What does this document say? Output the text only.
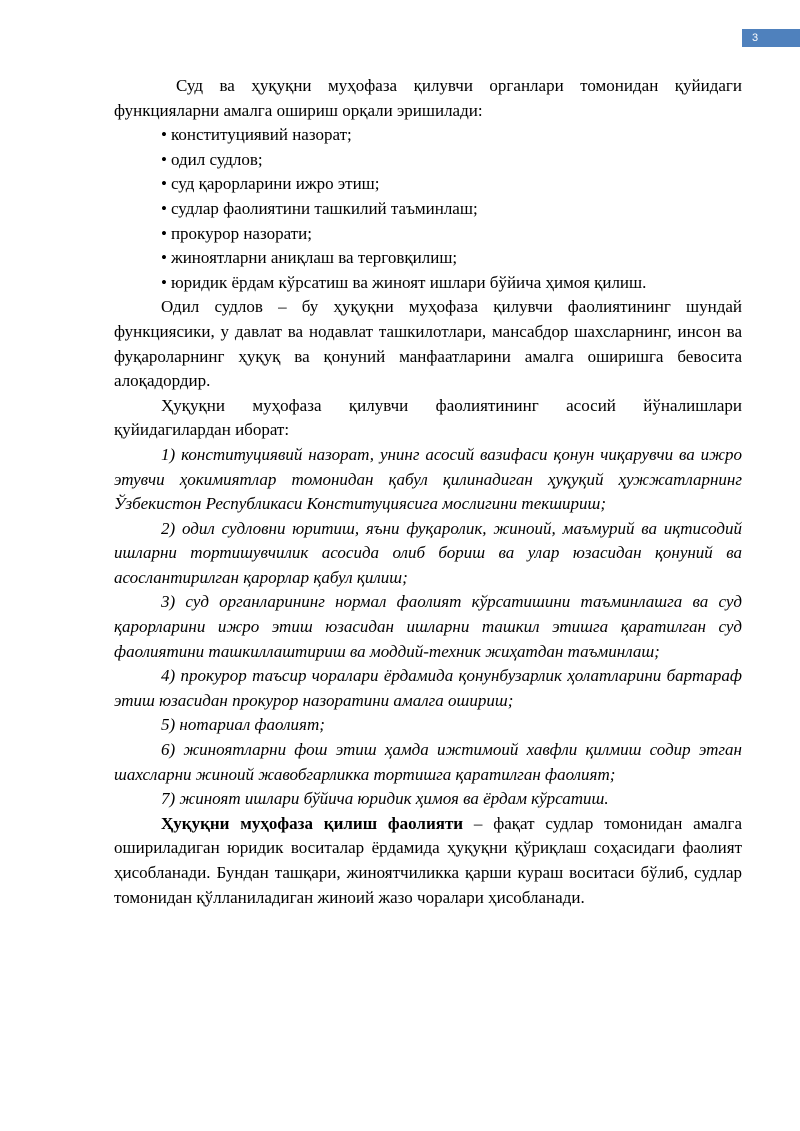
3

Суд ва ҳуқуқни муҳофаза қилувчи органлари томонидан қуйидаги функцияларни амалга ошириш орқали эришилади:

• конституциявий назорат;
• одил судлов;
• суд қарорларини ижро этиш;
• судлар фаолиятини ташкилий таъминлаш;
• прокурор назорати;
• жиноятларни аниқлаш ва терговқилиш;
• юридик ёрдам кўрсатиш ва жиноят ишлари бўйича ҳимоя қилиш.

Одил судлов – бу ҳуқуқни муҳофаза қилувчи фаолиятининг шундай функциясики, у давлат ва нодавлат ташкилотлари, мансабдор шахсларнинг, инсон ва фуқароларнинг ҳуқуқ ва қонуний манфаатларини амалга оширишга бевосита алоқадордир.

Ҳуқуқни муҳофаза қилувчи фаолиятининг асосий йўналишлари қуйидагилардан иборат:

1) конституциявий назорат, унинг асосий вазифаси қонун чиқарувчи ва ижро этувчи ҳокимиятлар томонидан қабул қилинадиган ҳуқуқий ҳужжатларнинг Ўзбекистон Республикаси Конституциясига мослигини текшириш;

2) одил судловни юритиш, яъни фуқаролик, жиноий, маъмурий ва иқтисодий ишларни тортишувчилик асосида олиб бориш ва улар юзасидан қонуний ва асослантирилган қарорлар қабул қилиш;

3) суд органларининг нормал фаолият кўрсатишини таъминлашга ва суд қарорларини ижро этиш юзасидан ишларни ташкил этишга қаратилган суд фаолиятини ташкиллаштириш ва моддий-техник жиҳатдан таъминлаш;

4) прокурор таъсир чоралари ёрдамида қонунбузарлик ҳолатларини бартараф этиш юзасидан прокурор назоратини амалга ошириш;

5) нотариал фаолият;

6) жиноятларни фош этиш ҳамда ижтимоий хавфли қилмиш содир этган шахсларни жиноий жавобгарликка тортишга қаратилган фаолият;

7) жиноят ишлари бўйича юридик ҳимоя ва ёрдам кўрсатиш.

Ҳуқуқни муҳофаза қилиш фаолияти – фақат судлар томонидан амалга ошириладиган юридик воситалар ёрдамида ҳуқуқни қўриқлаш соҳасидаги фаолият ҳисобланади. Бундан ташқари, жиноятчиликка қарши кураш воситаси бўлиб, судлар томонидан қўлланиладиган жиноий жазо чоралари ҳисобланади.
